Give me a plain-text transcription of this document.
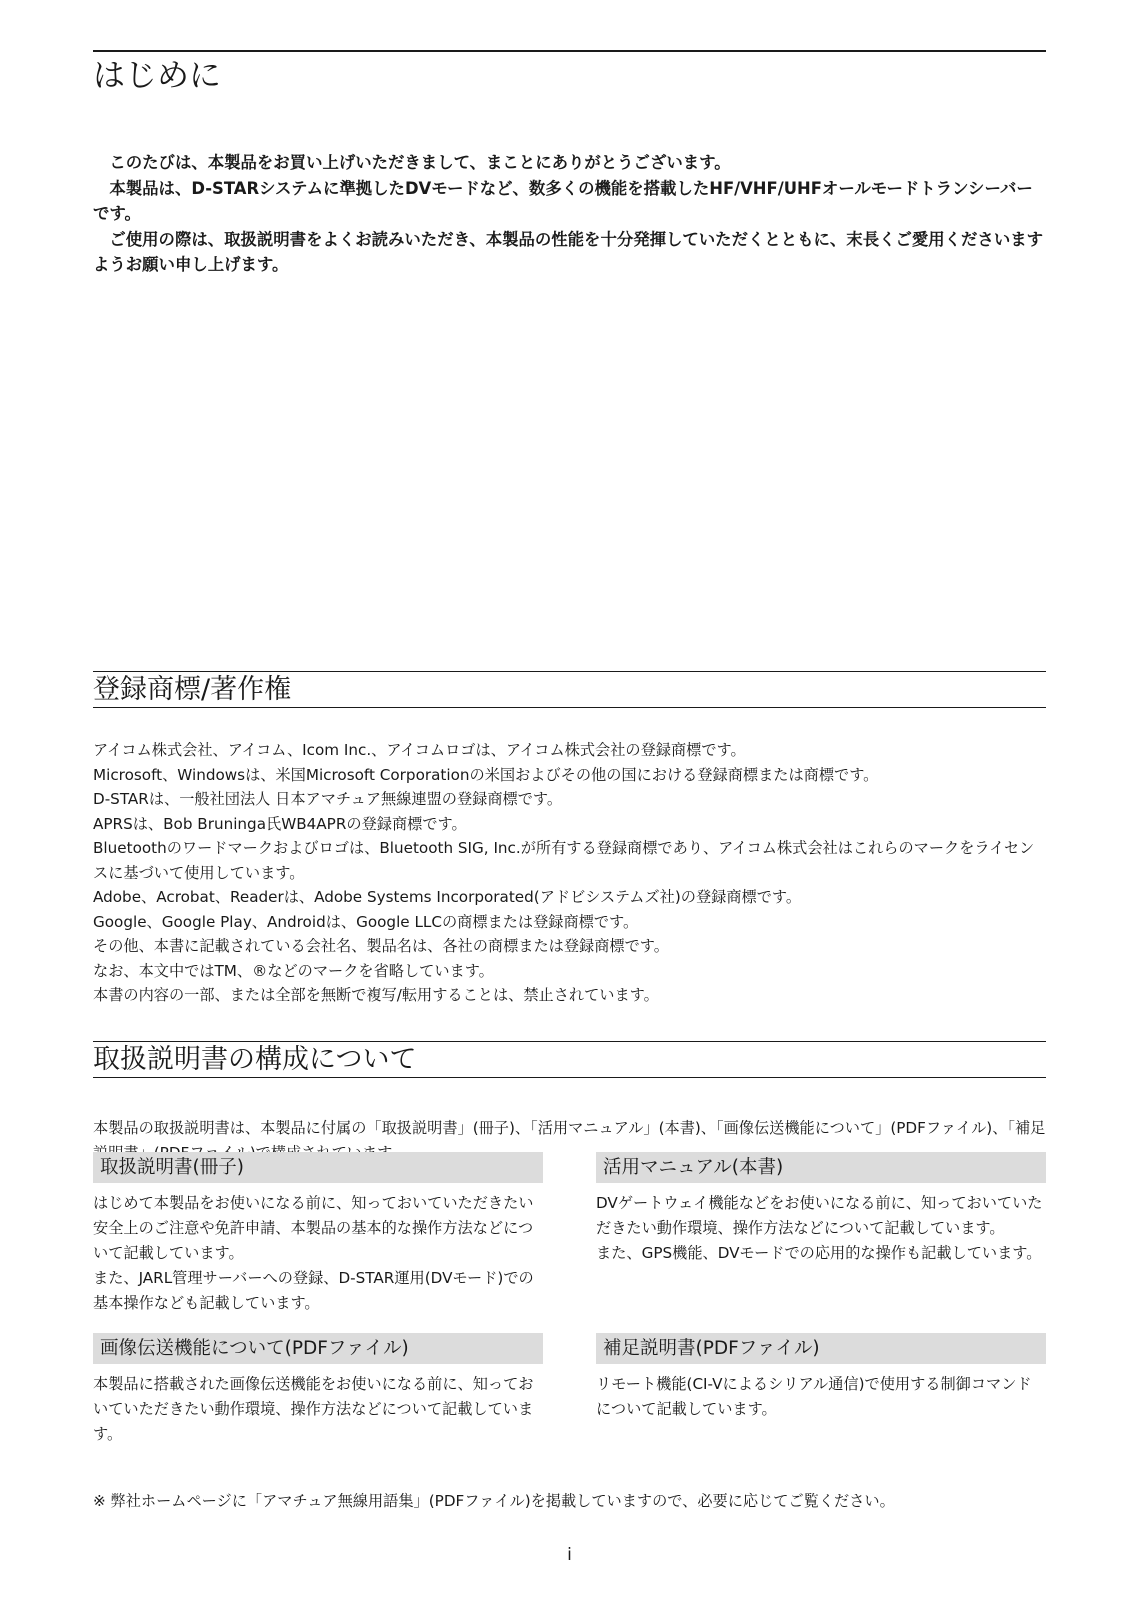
はじめに

このたびは、本製品をお買い上げいただきまして、まことにありがとうございます。

本製品は、D-STARシステムに準拠したDVモードなど、数多くの機能を搭載したHF/VHF/UHFオールモードトランシーバーです。

ご使用の際は、取扱説明書をよくお読みいただき、本製品の性能を十分発揮していただくとともに、末長くご愛用くださいますようお願い申し上げます。

登録商標/著作権

アイコム株式会社、アイコム、Icom Inc.、アイコムロゴは、アイコム株式会社の登録商標です。

Microsoft、Windowsは、米国Microsoft Corporationの米国およびその他の国における登録商標または商標です。

D-STARは、一般社団法人 日本アマチュア無線連盟の登録商標です。

APRSは、Bob Bruninga氏WB4APRの登録商標です。

Bluetoothのワードマークおよびロゴは、Bluetooth SIG, Inc.が所有する登録商標であり、アイコム株式会社はこれらのマークをライセンスに基づいて使用しています。

Adobe、Acrobat、Readerは、Adobe Systems Incorporated(アドビシステムズ社)の登録商標です。

Google、Google Play、Androidは、Google LLCの商標または登録商標です。

その他、本書に記載されている会社名、製品名は、各社の商標または登録商標です。

なお、本文中ではTM、®などのマークを省略しています。

本書の内容の一部、または全部を無断で複写/転用することは、禁止されています。

取扱説明書の構成について

本製品の取扱説明書は、本製品に付属の「取扱説明書」(冊子)、「活用マニュアル」(本書)、「画像伝送機能について」(PDFファイル)、「補足

取扱説明書(冊子)

はじめて本製品をお使いになる前に、知っておいていただきたい安全上のご注意や免許申請、本製品の基本的な操作方法などについて記載しています。

また、JARL管理サーバーへの登録、D-STAR運用(DVモード)での基本操作なども記載しています。

活用マニュアル(本書)

DVゲートウェイ機能などをお使いになる前に、知っておいていただきたい動作環境、操作方法などについて記載しています。

また、GPS機能、DVモードでの応用的な操作も記載しています。

画像伝送機能について(PDFファイル)

本製品に搭載された画像伝送機能をお使いになる前に、知っておいていただきたい動作環境、操作方法などについて記載しています。

補足説明書(PDFファイル)

リモート機能(CI-Vによるシリアル通信)で使用する制御コマンドについて記載しています。

※ 弊社ホームページに「アマチュア無線用語集」(PDFファイル)を掲載していますので、必要に応じてご覧ください。
i
